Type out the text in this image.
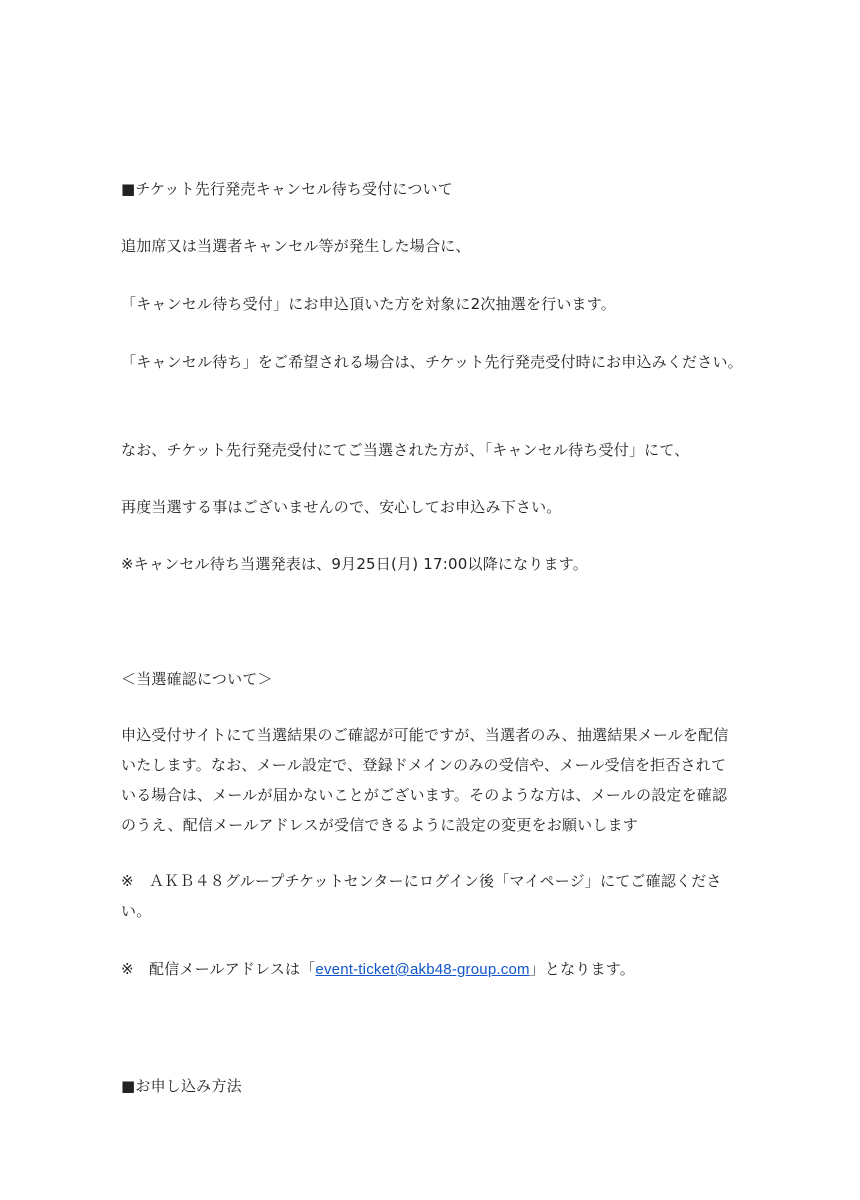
■チケット先行発売キャンセル待ち受付について
追加席又は当選者キャンセル等が発生した場合に、
「キャンセル待ち受付」にお申込頂いた方を対象に2次抽選を行います。
「キャンセル待ち」をご希望される場合は、チケット先行発売受付時にお申込みください。
なお、チケット先行発売受付にてご当選された方が、「キャンセル待ち受付」にて、
再度当選する事はございませんので、安心してお申込み下さい。
※キャンセル待ち当選発表は、9月25日(月) 17:00以降になります。
＜当選確認について＞
申込受付サイトにて当選結果のご確認が可能ですが、当選者のみ、抽選結果メールを配信いたします。なお、メール設定で、登録ドメインのみの受信や、メール受信を拒否されている場合は、メールが届かないことがございます。そのような方は、メールの設定を確認のうえ、配信メールアドレスが受信できるように設定の変更をお願いします
※　ＡＫＢ４８グループチケットセンターにログイン後「マイページ」にてご確認ください。
※　配信メールアドレスは「event-ticket@akb48-group.com」となります。
■お申し込み方法
